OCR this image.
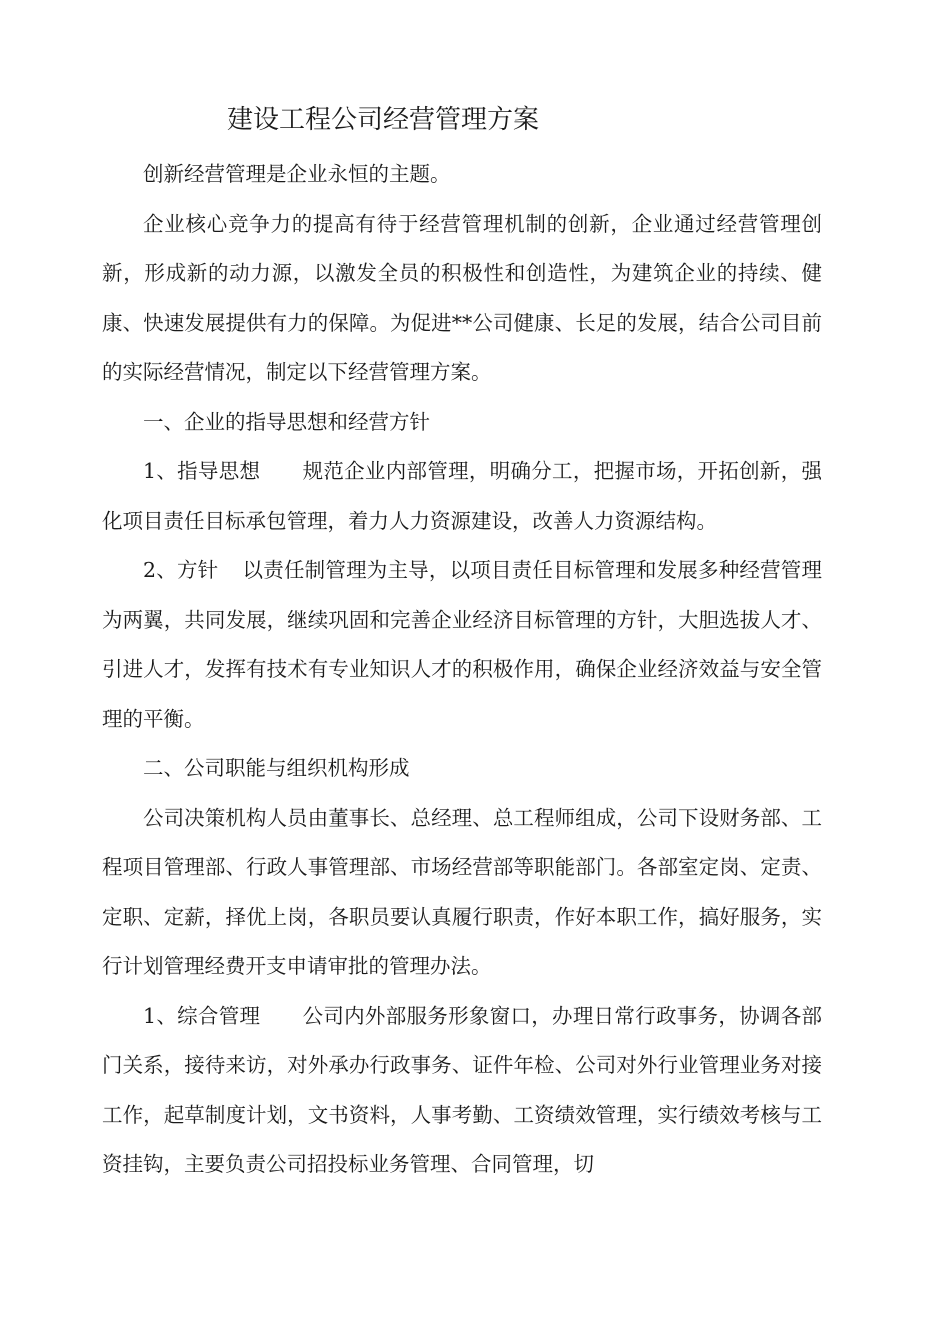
建设工程公司经营管理方案

创新经营管理是企业永恒的主题。

企业核心竞争力的提高有待于经营管理机制的创新，企业通过经营管理创新，形成新的动力源，以激发全员的积极性和创造性，为建筑企业的持续、健康、快速发展提供有力的保障。为促进**公司健康、长足的发展，结合公司目前的实际经营情况，制定以下经营管理方案。

一、企业的指导思想和经营方针

1、指导思想 规范企业内部管理，明确分工，把握市场，开拓创新，强化项目责任目标承包管理，着力人力资源建设，改善人力资源结构。

2、方针 以责任制管理为主导，以项目责任目标管理和发展多种经营管理为两翼，共同发展，继续巩固和完善企业经济目标管理的方针，大胆选拔人才、引进人才，发挥有技术有专业知识人才的积极作用，确保企业经济效益与安全管理的平衡。

二、公司职能与组织机构形成

公司决策机构人员由董事长、总经理、总工程师组成，公司下设财务部、工程项目管理部、行政人事管理部、市场经营部等职能部门。各部室定岗、定责、定职、定薪，择优上岗，各职员要认真履行职责，作好本职工作，搞好服务，实行计划管理经费开支申请审批的管理办法。

1、综合管理 公司内外部服务形象窗口，办理日常行政事务，协调各部门关系，接待来访，对外承办行政事务、证件年检、公司对外行业管理业务对接工作，起草制度计划，文书资料，人事考勤、工资绩效管理，实行绩效考核与工资挂钩，主要负责公司招投标业务管理、合同管理，切
